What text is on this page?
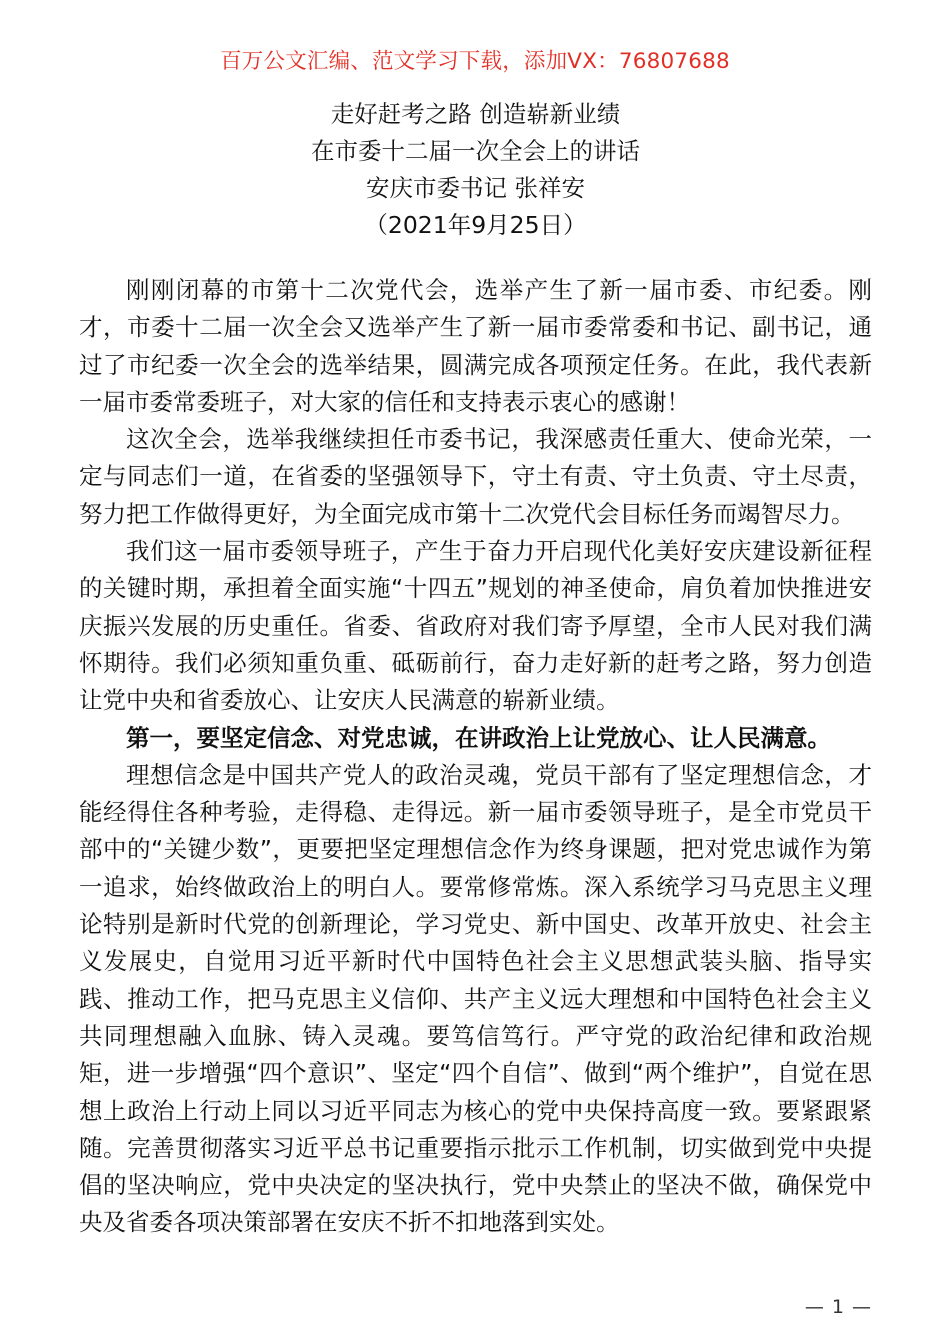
百万公文汇编、范文学习下载，添加VX：76807688
走好赶考之路 创造崭新业绩
在市委十二届一次全会上的讲话
安庆市委书记 张祥安
（2021年9月25日）

刚刚闭幕的市第十二次党代会，选举产生了新一届市委、市纪委。刚才，市委十二届一次全会又选举产生了新一届市委常委和书记、副书记，通过了市纪委一次全会的选举结果，圆满完成各项预定任务。在此，我代表新一届市委常委班子，对大家的信任和支持表示衷心的感谢！

这次全会，选举我继续担任市委书记，我深感责任重大、使命光荣，一定与同志们一道，在省委的坚强领导下，守土有责、守土负责、守土尽责，努力把工作做得更好，为全面完成市第十二次党代会目标任务而竭智尽力。

我们这一届市委领导班子，产生于奋力开启现代化美好安庆建设新征程的关键时期，承担着全面实施“十四五”规划的神圣使命，肩负着加快推进安庆振兴发展的历史重任。省委、省政府对我们寄予厚望，全市人民对我们满怀期待。我们必须知重负重、砥砺前行，奋力走好新的赶考之路，努力创造让党中央和省委放心、让安庆人民满意的崭新业绩。

第一，要坚定信念、对党忠诚，在讲政治上让党放心、让人民满意。

理想信念是中国共产党人的政治灵魂，党员干部有了坚定理想信念，才能经得住各种考验，走得稳、走得远。新一届市委领导班子，是全市党员干部中的“关键少数”，更要把坚定理想信念作为终身课题，把对党忠诚作为第一追求，始终做政治上的明白人。要常修常炼。深入系统学习马克思主义理论特别是新时代党的创新理论，学习党史、新中国史、改革开放史、社会主义发展史，自觉用习近平新时代中国特色社会主义思想武装头脑、指导实践、推动工作，把马克思主义信仰、共产主义远大理想和中国特色社会主义共同理想融入血脉、铸入灵魂。要笃信笃行。严守党的政治纪律和政治规矩，进一步增强“四个意识”、坚定“四个自信”、做到“两个维护”，自觉在思想上政治上行动上同以习近平同志为核心的党中央保持高度一致。要紧跟紧随。完善贯彻落实习近平总书记重要指示批示工作机制，切实做到党中央提倡的坚决响应，党中央决定的坚决执行，党中央禁止的坚决不做，确保党中央及省委各项决策部署在安庆不折不扣地落到实处。

— 1 —
